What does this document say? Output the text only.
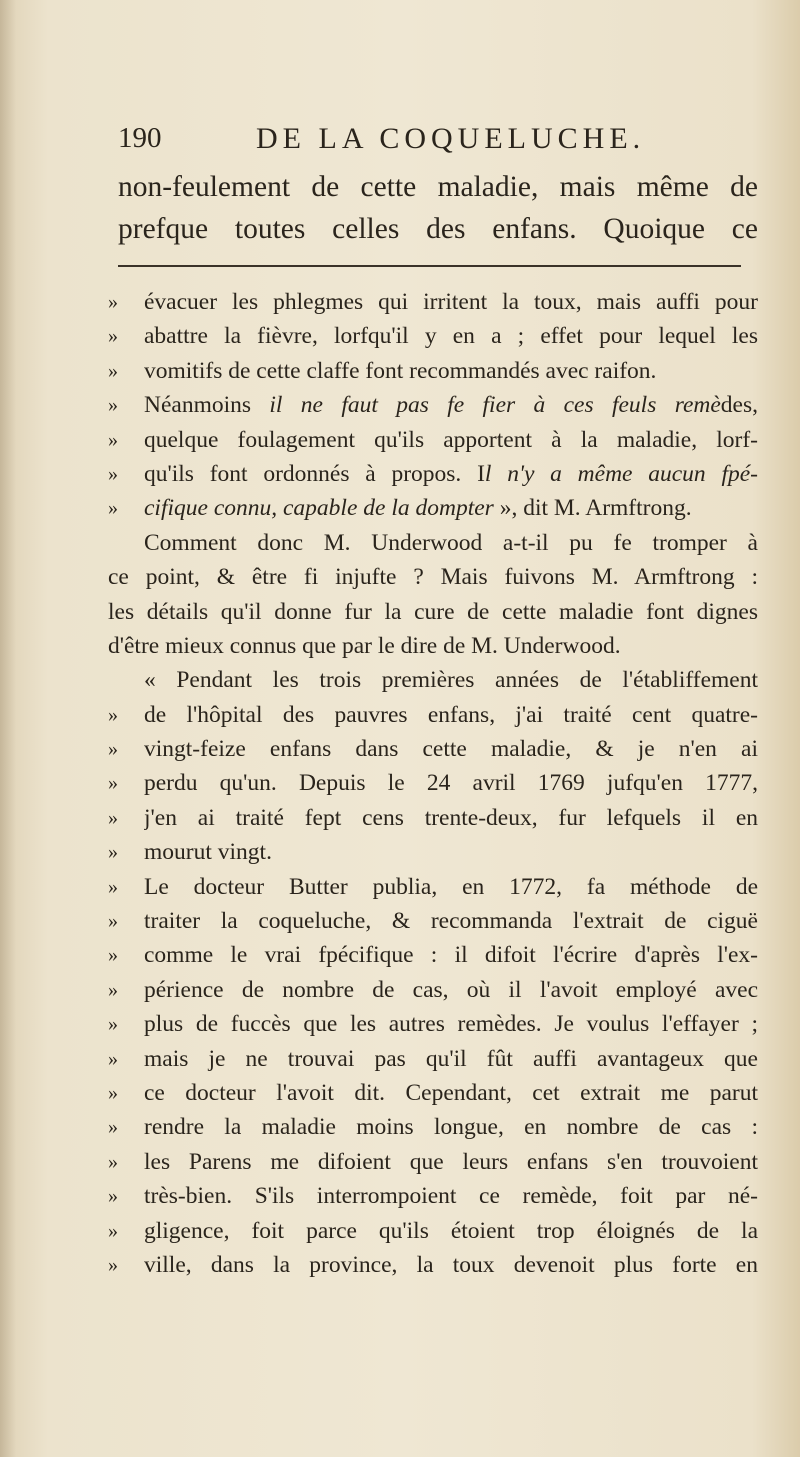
190	DE LA COQUELUCHE.
non-feulement de cette maladie, mais même de
prefque toutes celles des enfans. Quoique ce
»	évacuer les phlegmes qui irritent la toux, mais auffi pour
»	abattre la fièvre, lorfqu'il y en a ; effet pour lequel les
»	vomitifs de cette claffe font recommandés avec raifon.
»	Néanmoins il ne faut pas fe fier à ces feuls remèdes,
»	quelque foulagement qu'ils apportent à la maladie, lorf-
»	qu'ils font ordonnés à propos. Il n'y a même aucun fpé-
»	cifique connu, capable de la dompter », dit M. Armftrong.
Comment donc M. Underwood a-t-il pu fe tromper à
ce point, & être fi injufte ? Mais fuivons M. Armftrong :
les détails qu'il donne fur la cure de cette maladie font dignes
d'être mieux connus que par le dire de M. Underwood.
« Pendant les trois premières années de l'établiffement
»	de l'hôpital des pauvres enfans, j'ai traité cent quatre-
»	vingt-feize enfans dans cette maladie, & je n'en ai
»	perdu qu'un. Depuis le 24 avril 1769 jufqu'en 1777,
»	j'en ai traité fept cens trente-deux, fur lefquels il en
»	mourut vingt.
»	Le docteur Butter publia, en 1772, fa méthode de
»	traiter la coqueluche, & recommanda l'extrait de ciguë
»	comme le vrai fpécifique : il difoit l'écrire d'après l'ex-
»	périence de nombre de cas, où il l'avoit employé avec
»	plus de fuccès que les autres remèdes. Je voulus l'effayer ;
»	mais je ne trouvai pas qu'il fût auffi avantageux que
»	ce docteur l'avoit dit. Cependant, cet extrait me parut
»	rendre la maladie moins longue, en nombre de cas :
»	les Parens me difoient que leurs enfans s'en trouvoient
»	très-bien. S'ils interrompoient ce remède, foit par né-
»	gligence, foit parce qu'ils étoient trop éloignés de la
»	ville, dans la province, la toux devenoit plus forte en
